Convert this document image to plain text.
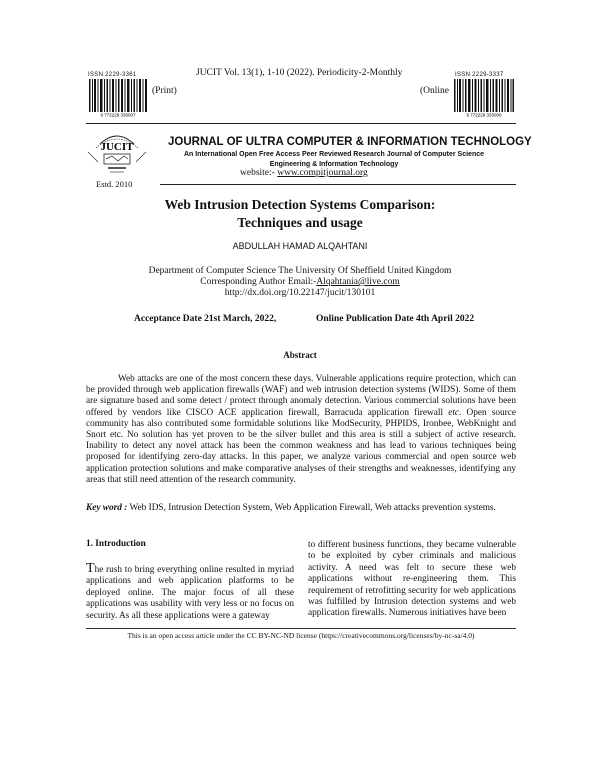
ISSN 2229-3361
9 772229 336007
(Print)
JUCIT Vol. 13(1), 1-10 (2022). Periodicity-2-Monthly
(Online
ISSN 2229-3337
9 772229 333000
JUCIT
Estd. 2010
JOURNAL OF ULTRA COMPUTER & INFORMATION TECHNOLOGY
An International Open Free Access Peer Reviewed Research Journal of Computer Science Engineering & Information Technology
website:- www.compitjournal.org
Web Intrusion Detection Systems Comparison:
Techniques and usage
ABDULLAH HAMAD ALQAHTANI
Department of Computer Science The University Of Sheffield United Kingdom
Corresponding Author Email:-Alqahtania@live.com
http://dx.doi.org/10.22147/jucit/130101
Acceptance Date 21st March, 2022,	Online Publication Date 4th April 2022
Abstract
Web attacks are one of the most concern these days. Vulnerable applications require protection, which can be provided through web application firewalls (WAF) and web intrusion detection systems (WIDS). Some of them are signature based and some detect / protect through anomaly detection. Various commercial solutions have been offered by vendors like CISCO ACE application firewall, Barracuda application firewall etc. Open source community has also contributed some formidable solutions like ModSecurity, PHPIDS, Ironbee, WebKnight and Snort etc. No solution has yet proven to be the silver bullet and this area is still a subject of active research. Inability to detect any novel attack has been the common weakness and has lead to various techniques being proposed for identifying zero-day attacks. In this paper, we analyze various commercial and open source web application protection solutions and make comparative analyses of their strengths and weaknesses, identifying any areas that still need attention of the research community.
Key word : Web IDS, Intrusion Detection System, Web Application Firewall, Web attacks prevention systems.
1. Introduction
The rush to bring everything online resulted in myriad applications and web application platforms to be deployed online. The major focus of all these applications was usability with very less or no focus on security. As all these applications were a gateway
to different business functions, they became vulnerable to be exploited by cyber criminals and malicious activity. A need was felt to secure these web applications without re-engineering them. This requirement of retrofitting security for web applications was fulfilled by Intrusion detection systems and web application firewalls. Numerous initiatives have been
This is an open access article under the CC BY-NC-ND license (https://creativecommons.org/licenses/by-nc-sa/4.0)
